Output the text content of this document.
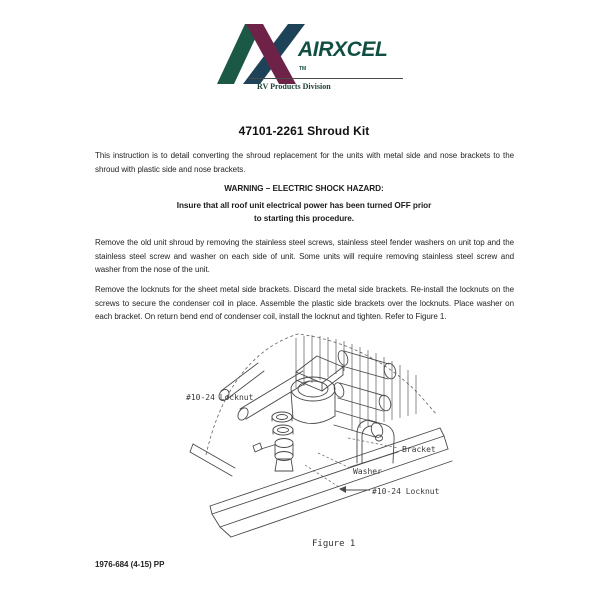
AIRXCEL
TM
RV Products Division
47101-2261 Shroud Kit
This instruction is to detail converting the shroud replacement for the units with metal side and nose brackets to the shroud with plastic side and nose brackets.
WARNING – ELECTRIC SHOCK HAZARD:
Insure that all roof unit electrical power has been turned OFF prior
to starting this procedure.
Remove the old unit shroud by removing the stainless steel screws, stainless steel fender washers on unit top and the stainless steel screw and washer on each side of unit. Some units will require removing stainless steel screw and washer from the nose of the unit.
Remove the locknuts for the sheet metal side brackets. Discard the metal side brackets. Re-install the locknuts on the screws to secure the condenser coil in place. Assemble the plastic side brackets over the locknuts. Place washer on each bracket. On return bend end of condenser coil, install the locknut and tighten. Refer to Figure 1.
#10-24 Locknut
Bracket
Washer
#10-24 Locknut
Figure 1
1976-684 (4-15) PP
